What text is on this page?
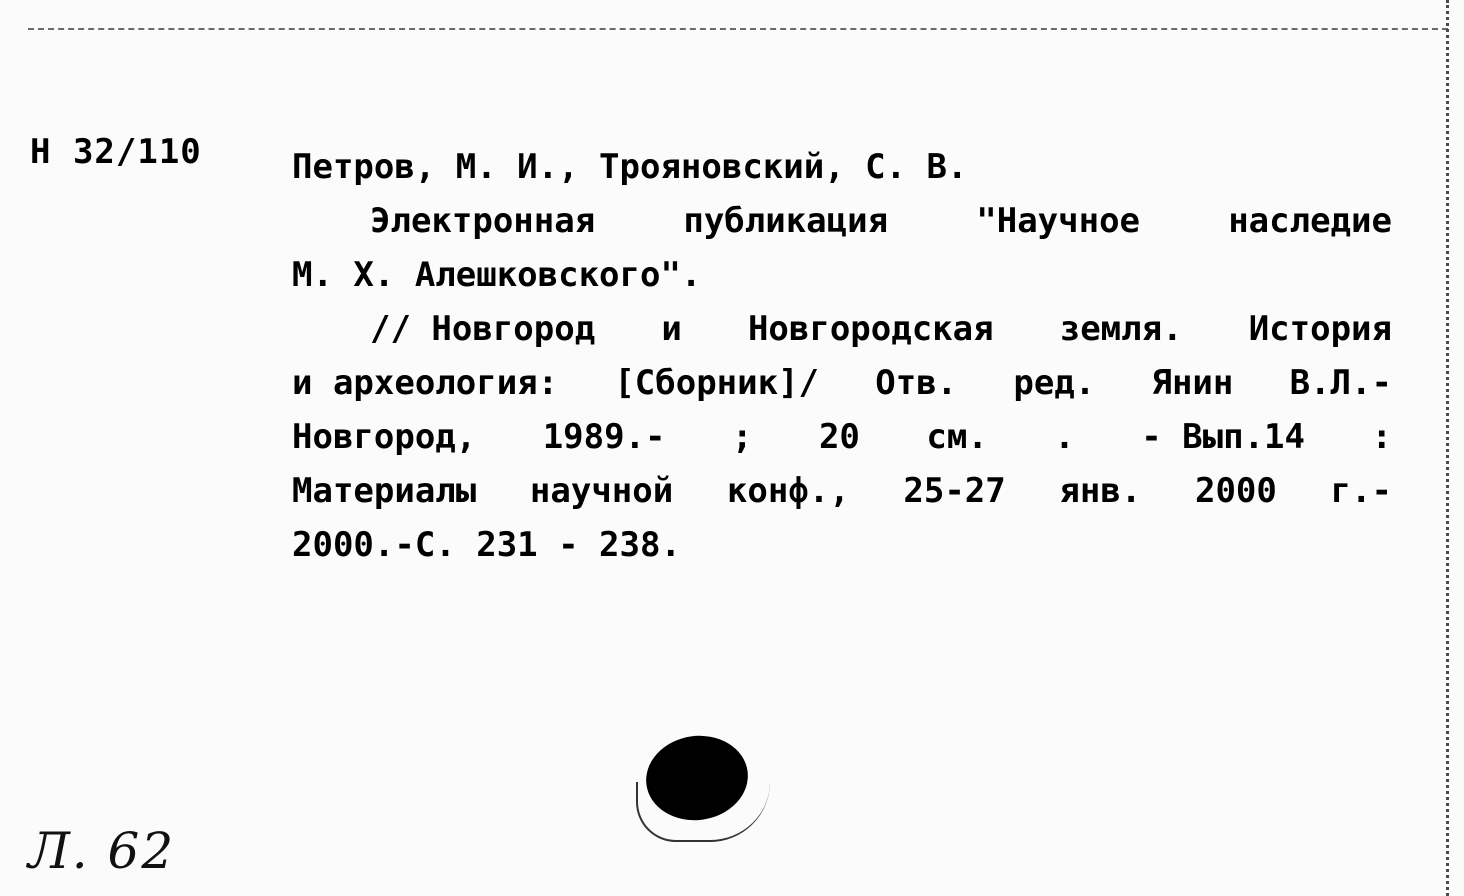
Н 32/110	Петров, М. И., Трояновский, С. В.
Электронная	публикация	"Научное	наследие
М. Х. Алешковского".
// Новгород и Новгородская земля. История
и археология: [Сборник]/ Отв. ред. Янин В.Л.-
Новгород, 1989.- ; 20 см. . - Вып.14 :
Материалы научной конф., 25-27 янв. 2000 г.-
2000.-С. 231 - 238.
Л. 62
